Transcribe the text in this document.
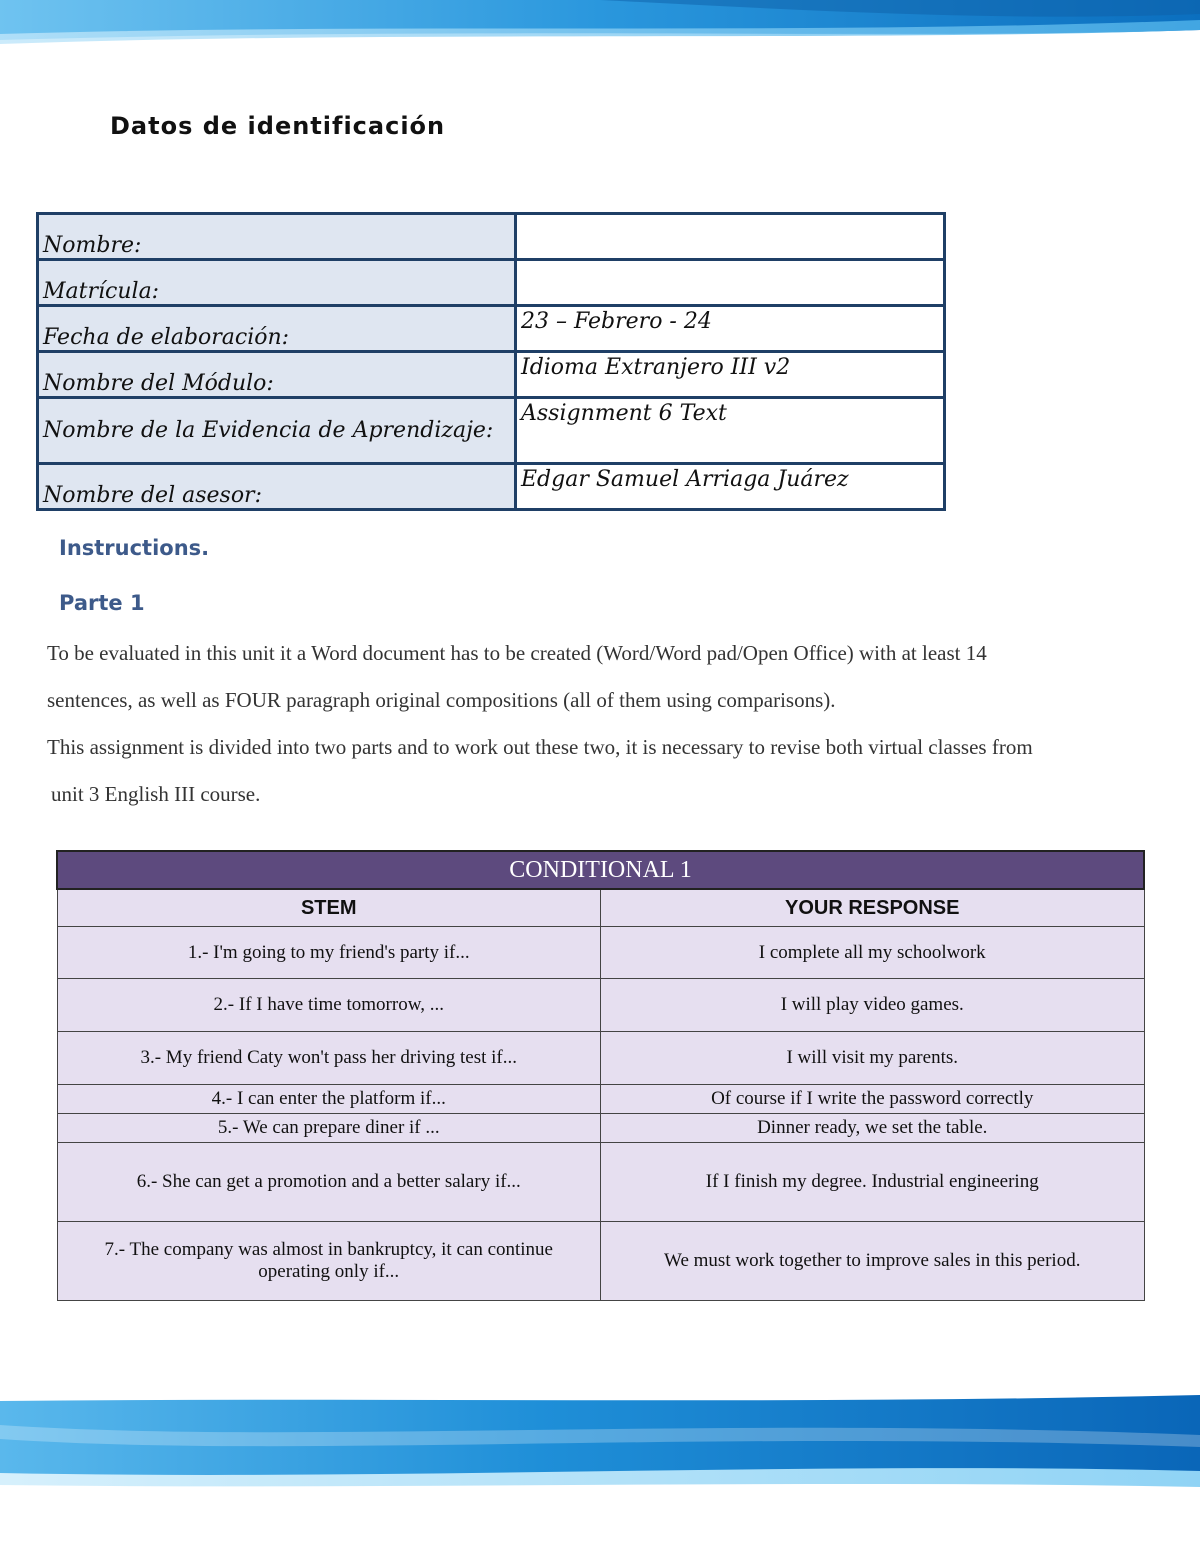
Datos de identificación
Nombre:	
Matrícula:	
Fecha de elaboración:	23 – Febrero - 24
Nombre del Módulo:	Idioma Extranjero III v2
Nombre de la Evidencia de Aprendizaje:	Assignment 6 Text
Nombre del asesor:	Edgar Samuel Arriaga Juárez
Instructions.
Parte 1
To be evaluated in this unit it a Word document has to be created (Word/Word pad/Open Office) with at least 14
sentences, as well as FOUR paragraph original compositions (all of them using comparisons).
This assignment is divided into two parts and to work out these two, it is necessary to revise both virtual classes from
unit 3 English III course.
CONDITIONAL 1	
STEM	YOUR RESPONSE
1.- I'm going to my friend's party if...	I complete all my schoolwork
2.- If I have time tomorrow, ...	I will play video games.
3.- My friend Caty won't pass her driving test if...	I will visit my parents.
4.- I can enter the platform if...	Of course if I write the password correctly
5.- We can prepare diner if ...	Dinner ready, we set the table.
6.- She can get a promotion and a better salary if...	If I finish my degree. Industrial engineering
7.- The company was almost in bankruptcy, it can continue operating only if...	We must work together to improve sales in this period.
